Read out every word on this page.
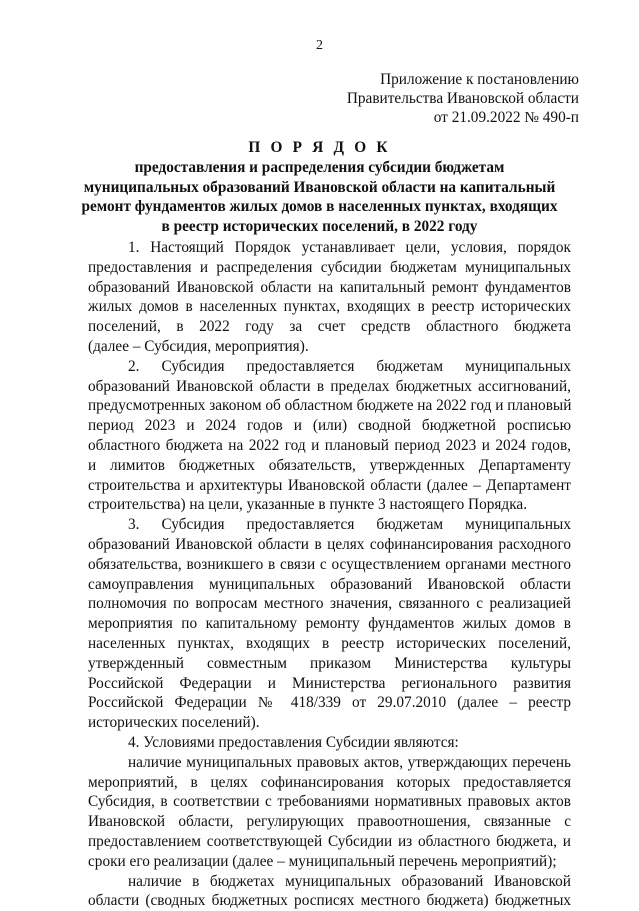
2
Приложение к постановлению
Правительства Ивановской области
от 21.09.2022 № 490-п
П О Р Я Д О К
предоставления и распределения субсидии бюджетам
муниципальных образований Ивановской области на капитальный
ремонт фундаментов жилых домов в населенных пунктах, входящих
в реестр исторических поселений, в 2022 году
1. Настоящий Порядок устанавливает цели, условия, порядок
предоставления и распределения субсидии бюджетам муниципальных
образований Ивановской области на капитальный ремонт фундаментов
жилых домов в населенных пунктах, входящих в реестр исторических
поселений, в 2022 году за счет средств областного бюджета
(далее – Субсидия, мероприятия).
2. Субсидия предоставляется бюджетам муниципальных
образований Ивановской области в пределах бюджетных ассигнований,
предусмотренных законом об областном бюджете на 2022 год и плановый
период 2023 и 2024 годов и (или) сводной бюджетной росписью
областного бюджета на 2022 год и плановый период 2023 и 2024 годов,
и лимитов бюджетных обязательств, утвержденных Департаменту
строительства и архитектуры Ивановской области (далее – Департамент
строительства) на цели, указанные в пункте 3 настоящего Порядка.
3. Субсидия предоставляется бюджетам муниципальных
образований Ивановской области в целях софинансирования расходного
обязательства, возникшего в связи с осуществлением органами местного
самоуправления муниципальных образований Ивановской области
полномочия по вопросам местного значения, связанного с реализацией
мероприятия по капитальному ремонту фундаментов жилых домов в
населенных пунктах, входящих в реестр исторических поселений,
утвержденный совместным приказом Министерства культуры
Российской Федерации и Министерства регионального развития
Российской Федерации № 418/339 от 29.07.2010 (далее – реестр
исторических поселений).
4. Условиями предоставления Субсидии являются:
наличие муниципальных правовых актов, утверждающих перечень
мероприятий, в целях софинансирования которых предоставляется
Субсидия, в соответствии с требованиями нормативных правовых актов
Ивановской области, регулирующих правоотношения, связанные с
предоставлением соответствующей Субсидии из областного бюджета, и
сроки его реализации (далее – муниципальный перечень мероприятий);
наличие в бюджетах муниципальных образований Ивановской
области (сводных бюджетных росписях местного бюджета) бюджетных
